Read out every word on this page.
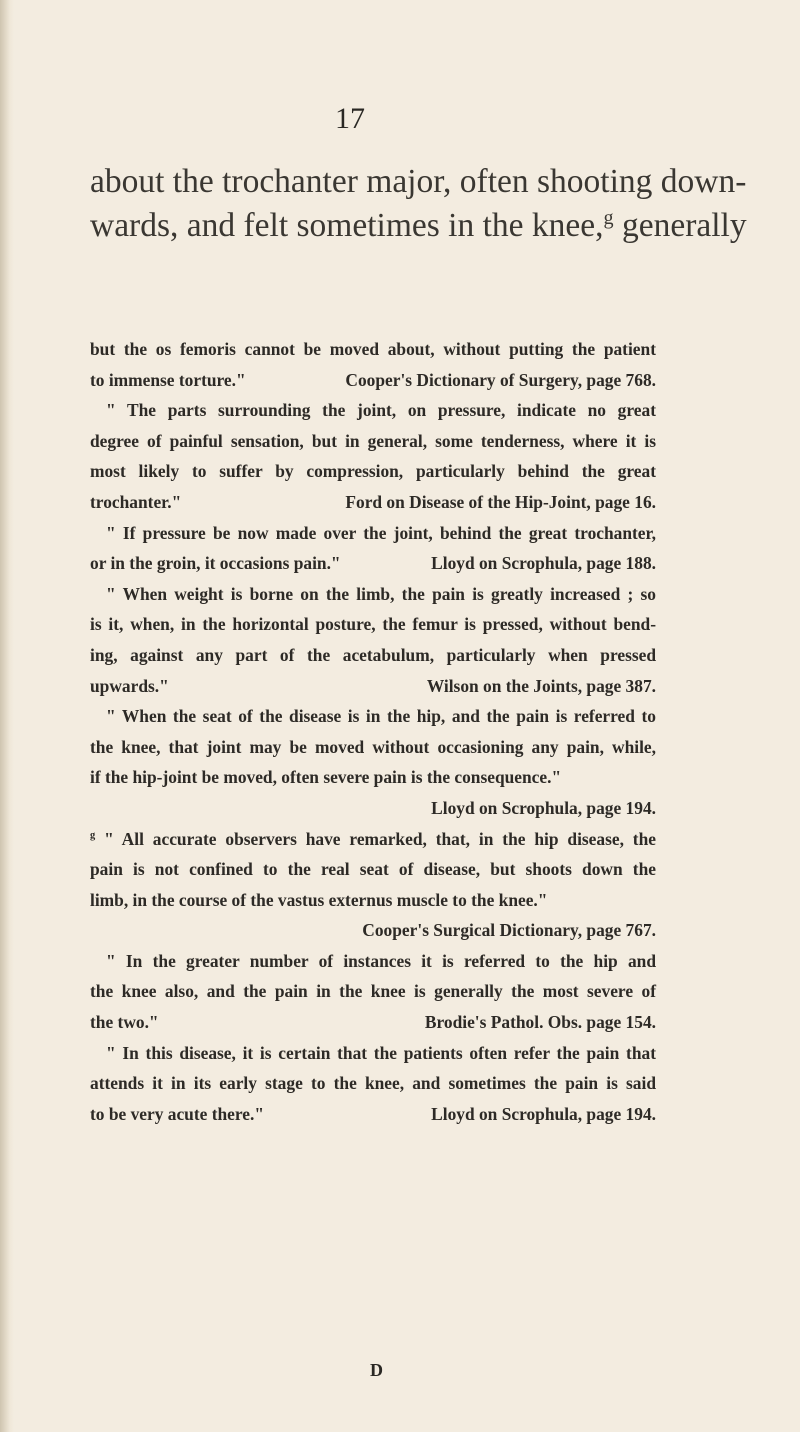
17
about the trochanter major, often shooting down-
wards, and felt sometimes in the knee,$^g$ generally
but the os femoris cannot be moved about, without putting the patient
to immense torture."	Cooper's Dictionary of Surgery, page 768.
" The parts surrounding the joint, on pressure, indicate no great
degree of painful sensation, but in general, some tenderness, where it is
most likely to suffer by compression, particularly behind the great
trochanter."	Ford on Disease of the Hip-Joint, page 16.
" If pressure be now made over the joint, behind the great trochanter,
or in the groin, it occasions pain."	Lloyd on Scrophula, page 188.
" When weight is borne on the limb, the pain is greatly increased ; so
is it, when, in the horizontal posture, the femur is pressed, without bend-
ing, against any part of the acetabulum, particularly when pressed
upwards."	Wilson on the Joints, page 387.
" When the seat of the disease is in the hip, and the pain is referred to
the knee, that joint may be moved without occasioning any pain, while,
if the hip-joint be moved, often severe pain is the consequence."
Lloyd on Scrophula, page 194.
$^g$ " All accurate observers have remarked, that, in the hip disease, the
pain is not confined to the real seat of disease, but shoots down the
limb, in the course of the vastus externus muscle to the knee."
Cooper's Surgical Dictionary, page 767.
" In the greater number of instances it is referred to the hip and
the knee also, and the pain in the knee is generally the most severe of
the two."	Brodie's Pathol. Obs. page 154.
" In this disease, it is certain that the patients often refer the pain that
attends it in its early stage to the knee, and sometimes the pain is said
to be very acute there."	Lloyd on Scrophula, page 194.
D
